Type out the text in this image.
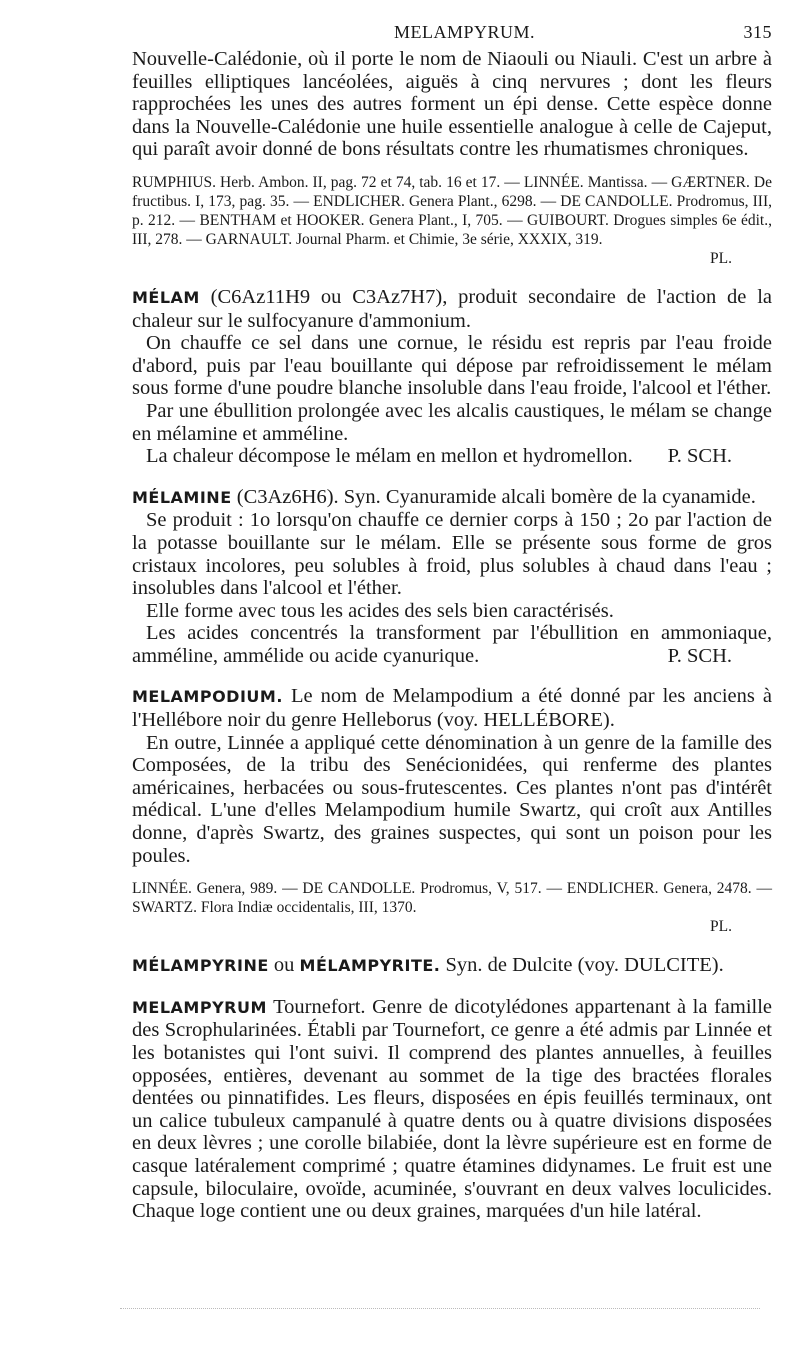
MELAMPYRUM.	315

Nouvelle-Calédonie, où il porte le nom de Niaouli ou Niauli. C'est un arbre à feuilles elliptiques lancéolées, aiguës à cinq nervures ; dont les fleurs rapprochées les unes des autres forment un épi dense. Cette espèce donne dans la Nouvelle-Calédonie une huile essentielle analogue à celle de Cajeput, qui paraît avoir donné de bons résultats contre les rhumatismes chroniques.

RUMPHIUS. Herb. Ambon. II, pag. 72 et 74, tab. 16 et 17. — LINNÉE. Mantissa. — GÆRTNER. De fructibus. I, 173, pag. 35. — ENDLICHER. Genera Plant., 6298. — DE CANDOLLE. Prodromus, III, p. 212. — BENTHAM et HOOKER. Genera Plant., I, 705. — GUIBOURT. Drogues simples 6e édit., III, 278. — GARNAULT. Journal Pharm. et Chimie, 3e série, XXXIX, 319.
PL.

MÉLAM (C6Az11H9 ou C3Az7H7), produit secondaire de l'action de la chaleur sur le sulfocyanure d'ammonium.

On chauffe ce sel dans une cornue, le résidu est repris par l'eau froide d'abord, puis par l'eau bouillante qui dépose par refroidissement le mélam sous forme d'une poudre blanche insoluble dans l'eau froide, l'alcool et l'éther.

Par une ébullition prolongée avec les alcalis caustiques, le mélam se change en mélamine et amméline.

La chaleur décompose le mélam en mellon et hydromellon.	P. SCH.

MÉLAMINE (C3Az6H6). Syn. Cyanuramide alcali bomère de la cyanamide.

Se produit : 1o lorsqu'on chauffe ce dernier corps à 150 ; 2o par l'action de la potasse bouillante sur le mélam. Elle se présente sous forme de gros cristaux incolores, peu solubles à froid, plus solubles à chaud dans l'eau ; insolubles dans l'alcool et l'éther.

Elle forme avec tous les acides des sels bien caractérisés.

Les acides concentrés la transforment par l'ébullition en ammoniaque, amméline, ammélide ou acide cyanurique.	P. SCH.

MELAMPODIUM. Le nom de Melampodium a été donné par les anciens à l'Hellébore noir du genre Helleborus (voy. HELLÉBORE).

En outre, Linnée a appliqué cette dénomination à un genre de la famille des Composées, de la tribu des Senécionidées, qui renferme des plantes américaines, herbacées ou sous-frutescentes. Ces plantes n'ont pas d'intérêt médical. L'une d'elles Melampodium humile Swartz, qui croît aux Antilles donne, d'après Swartz, des graines suspectes, qui sont un poison pour les poules.

LINNÉE. Genera, 989. — DE CANDOLLE. Prodromus, V, 517. — ENDLICHER. Genera, 2478. — SWARTZ. Flora Indiæ occidentalis, III, 1370.
PL.

MÉLAMPYRINE ou MÉLAMPYRITE. Syn. de Dulcite (voy. DULCITE).

MELAMPYRUM Tournefort. Genre de dicotylédones appartenant à la famille des Scrophularinées. Établi par Tournefort, ce genre a été admis par Linnée et les botanistes qui l'ont suivi. Il comprend des plantes annuelles, à feuilles opposées, entières, devenant au sommet de la tige des bractées florales dentées ou pinnatifides. Les fleurs, disposées en épis feuillés terminaux, ont un calice tubuleux campanulé à quatre dents ou à quatre divisions disposées en deux lèvres ; une corolle bilabiée, dont la lèvre supérieure est en forme de casque latéralement comprimé ; quatre étamines didynames. Le fruit est une capsule, biloculaire, ovoïde, acuminée, s'ouvrant en deux valves loculicides. Chaque loge contient une ou deux graines, marquées d'un hile latéral.
